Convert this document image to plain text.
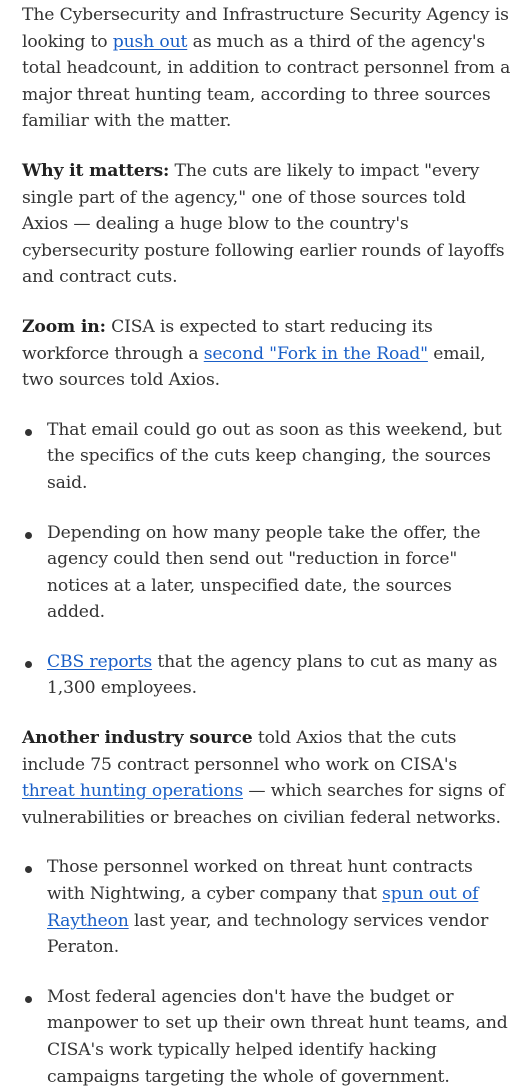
The Cybersecurity and Infrastructure Security Agency is looking to push out as much as a third of the agency's total headcount, in addition to contract personnel from a major threat hunting team, according to three sources familiar with the matter.

Why it matters: The cuts are likely to impact "every single part of the agency," one of those sources told Axios — dealing a huge blow to the country's cybersecurity posture following earlier rounds of layoffs and contract cuts.

Zoom in: CISA is expected to start reducing its workforce through a second "Fork in the Road" email, two sources told Axios.

That email could go out as soon as this weekend, but the specifics of the cuts keep changing, the sources said.
Depending on how many people take the offer, the agency could then send out "reduction in force" notices at a later, unspecified date, the sources added.
CBS reports that the agency plans to cut as many as 1,300 employees.

Another industry source told Axios that the cuts include 75 contract personnel who work on CISA's threat hunting operations — which searches for signs of vulnerabilities or breaches on civilian federal networks.

Those personnel worked on threat hunt contracts with Nightwing, a cyber company that spun out of Raytheon last year, and technology services vendor Peraton.
Most federal agencies don't have the budget or manpower to set up their own threat hunt teams, and CISA's work typically helped identify hacking campaigns targeting the whole of government.
